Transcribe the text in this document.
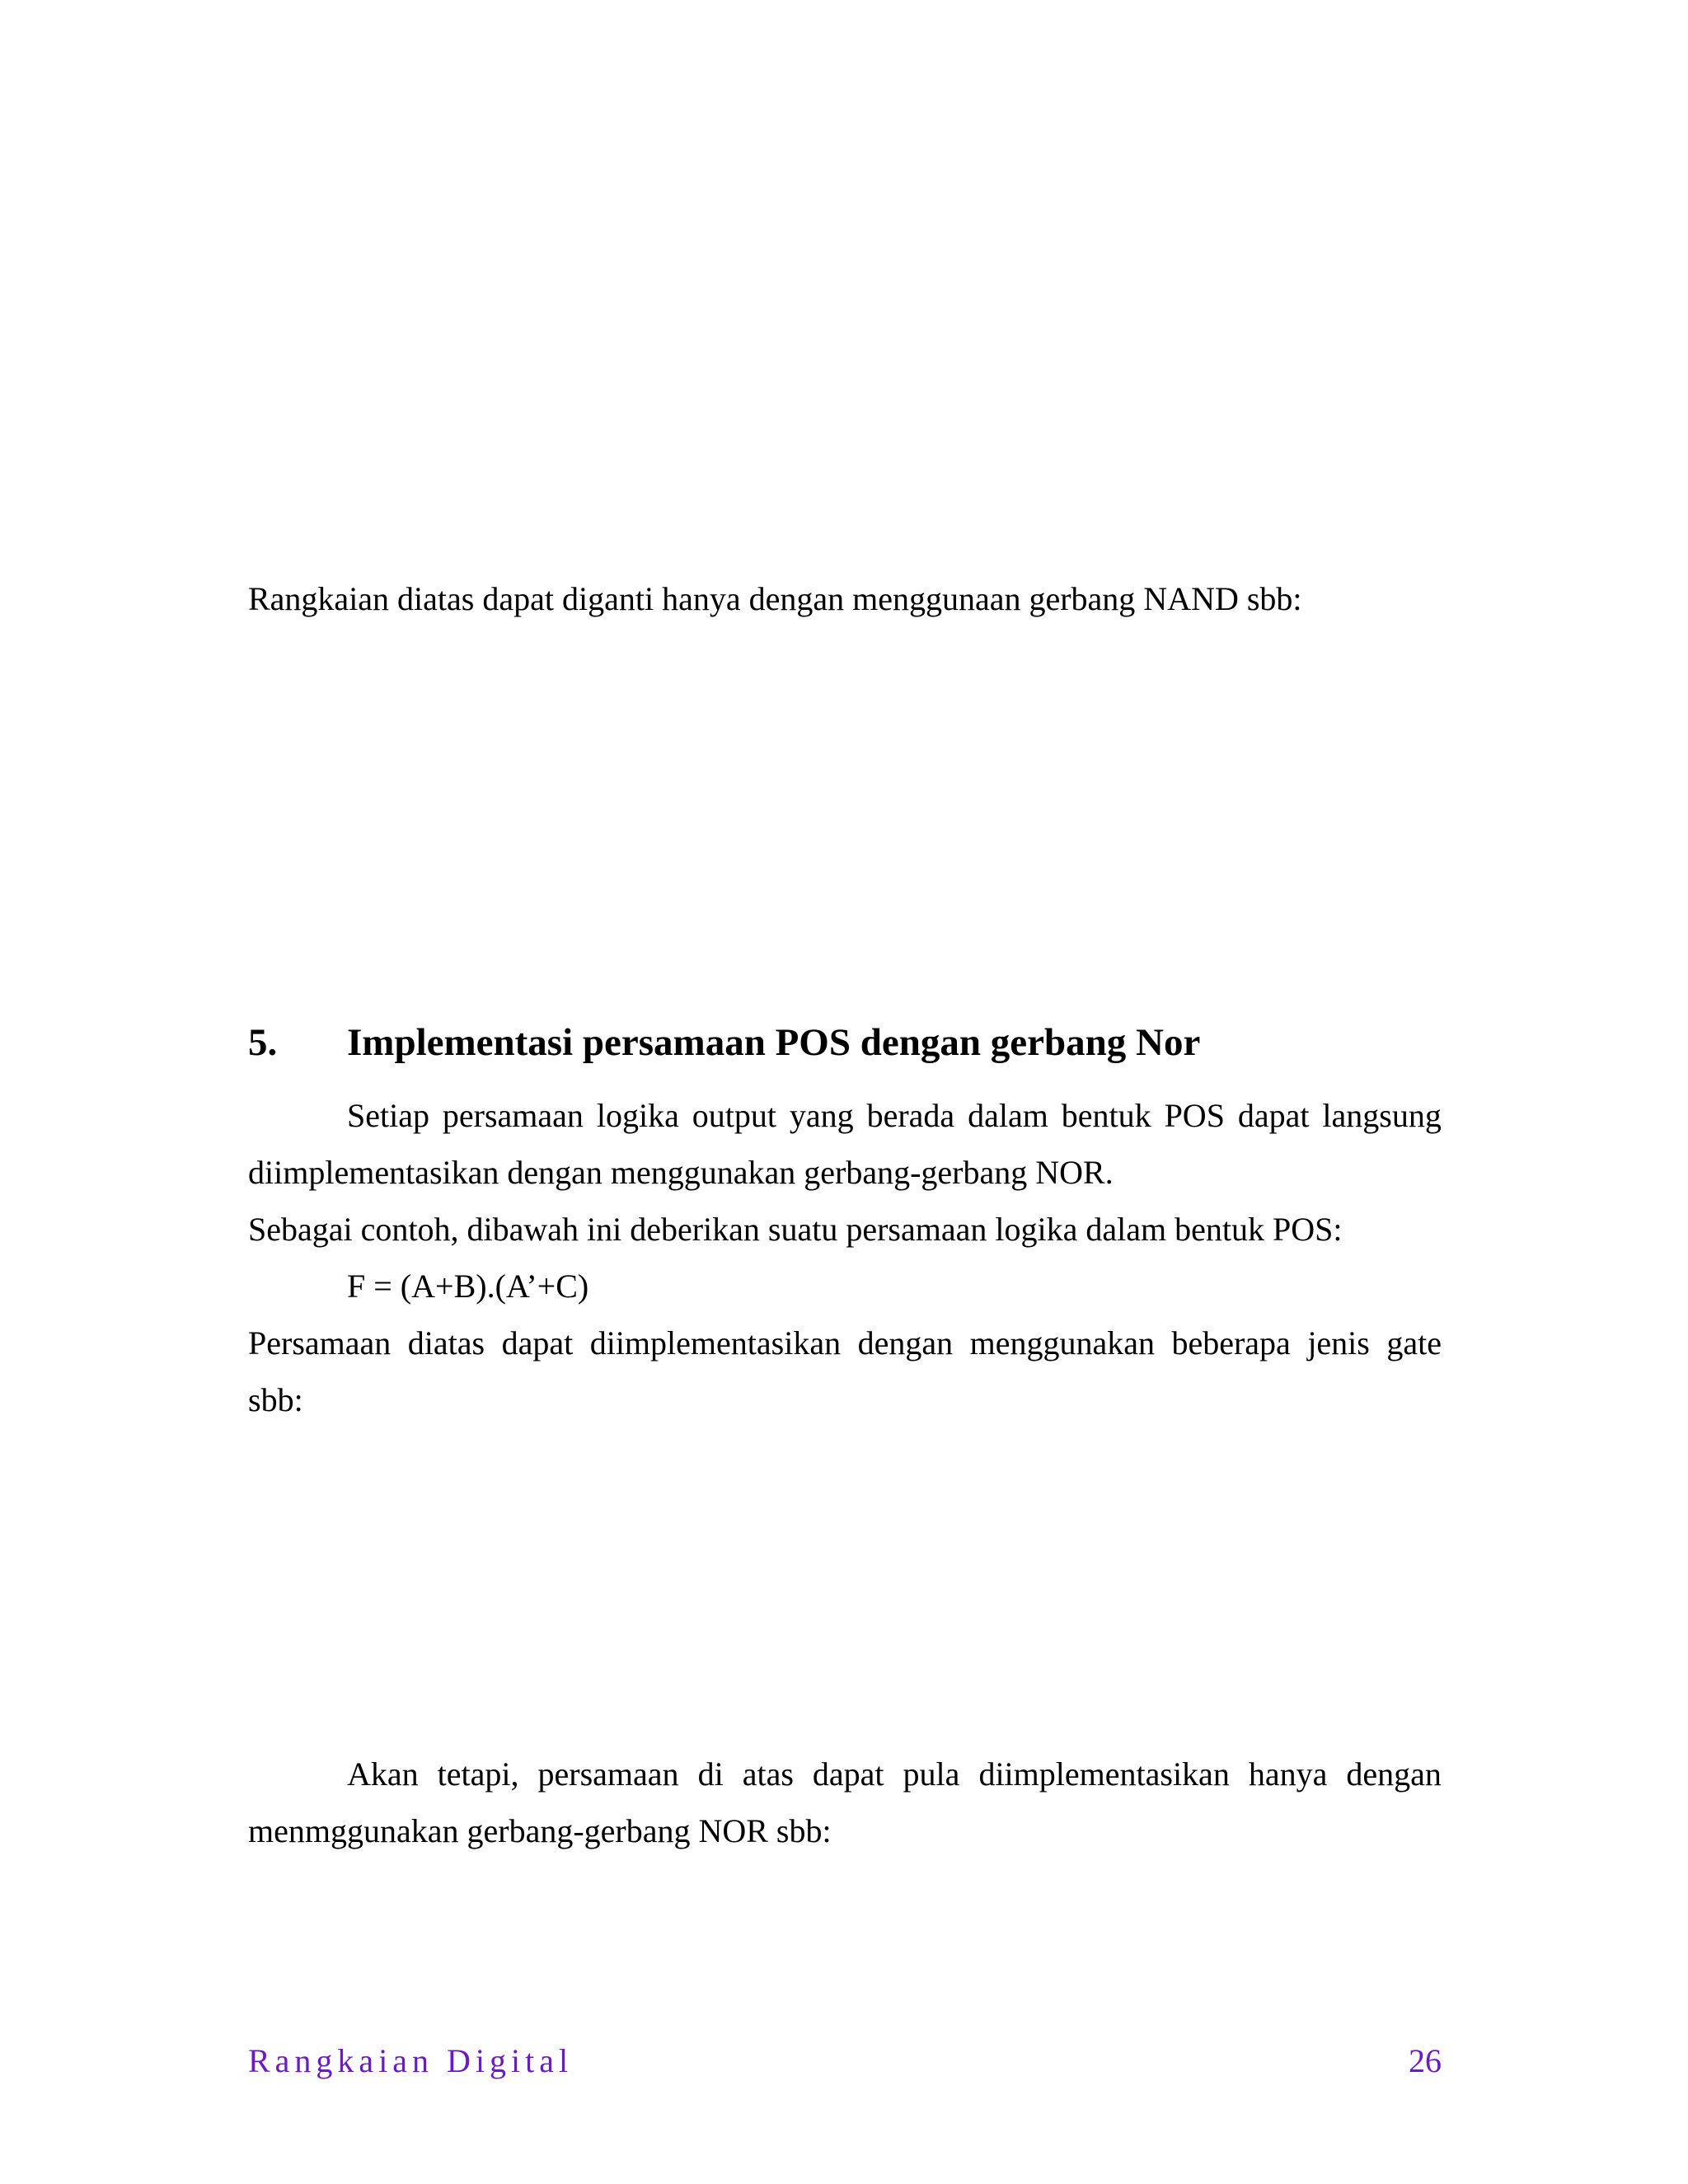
Rangkaian diatas dapat diganti hanya dengan menggunaan gerbang NAND sbb:
5. Implementasi persamaan POS dengan gerbang Nor
Setiap persamaan logika output yang berada dalam bentuk POS dapat langsung
diimplementasikan dengan menggunakan gerbang-gerbang NOR.
Sebagai contoh, dibawah ini deberikan suatu persamaan logika dalam bentuk POS:
F = (A+B).(A’+C)
Persamaan diatas dapat diimplementasikan dengan menggunakan beberapa jenis gate
sbb:
Akan tetapi, persamaan di atas dapat pula diimplementasikan hanya dengan
menmggunakan gerbang-gerbang NOR sbb:
Rangkaian Digital	26
